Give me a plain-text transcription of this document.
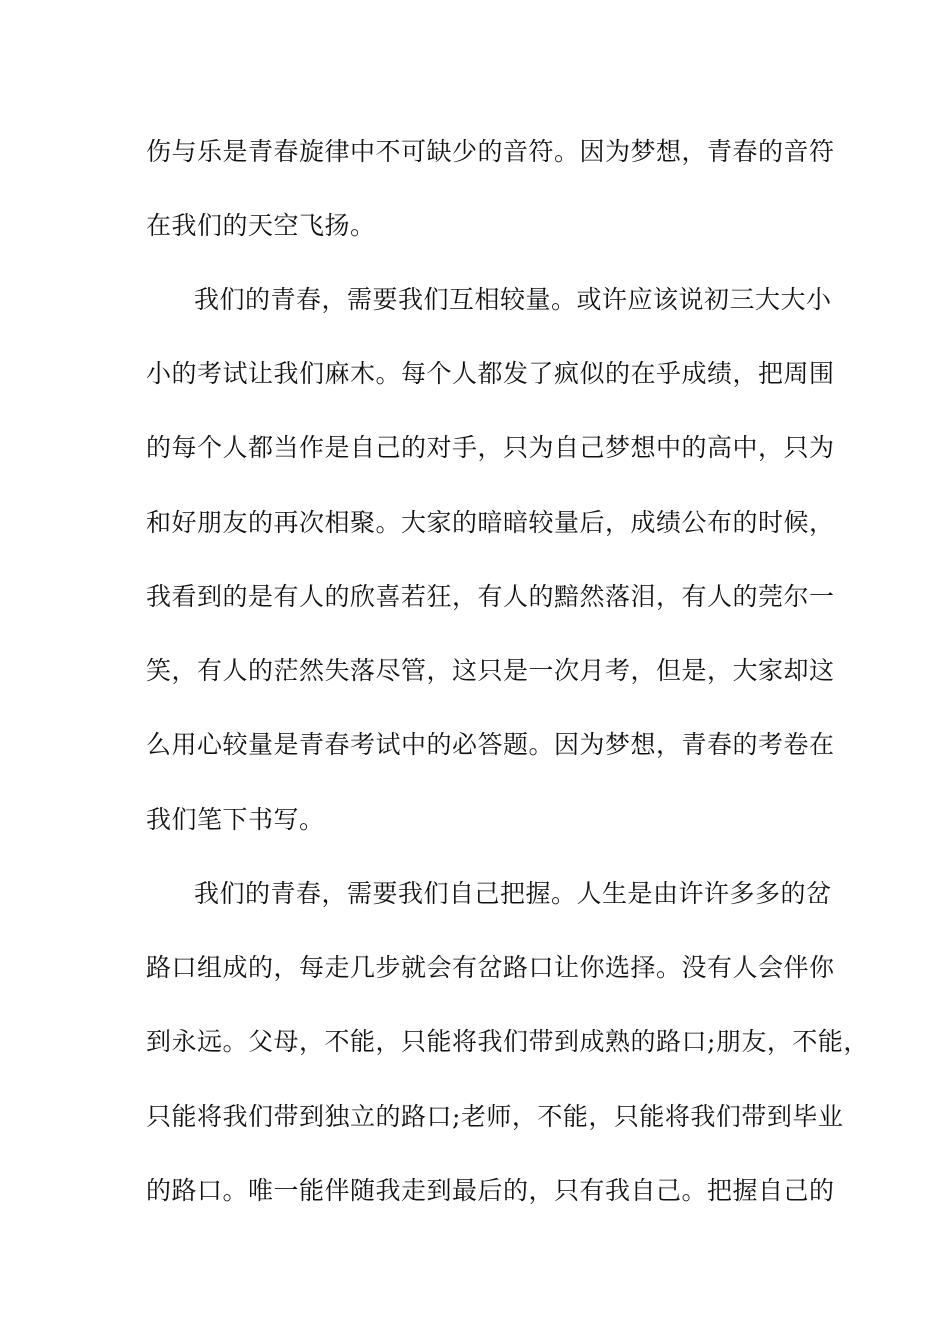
伤与乐是青春旋律中不可缺少的音符。因为梦想，青春的音符
在我们的天空飞扬。
我们的青春，需要我们互相较量。或许应该说初三大大小
小的考试让我们麻木。每个人都发了疯似的在乎成绩，把周围
的每个人都当作是自己的对手，只为自己梦想中的高中，只为
和好朋友的再次相聚。大家的暗暗较量后，成绩公布的时候，
我看到的是有人的欣喜若狂，有人的黯然落泪，有人的莞尔一
笑，有人的茫然失落尽管，这只是一次月考，但是，大家却这
么用心较量是青春考试中的必答题。因为梦想，青春的考卷在
我们笔下书写。
我们的青春，需要我们自己把握。人生是由许许多多的岔
路口组成的，每走几步就会有岔路口让你选择。没有人会伴你
到永远。父母，不能，只能将我们带到成熟的路口;朋友，不能，
只能将我们带到独立的路口;老师，不能，只能将我们带到毕业
的路口。唯一能伴随我走到最后的，只有我自己。把握自己的
